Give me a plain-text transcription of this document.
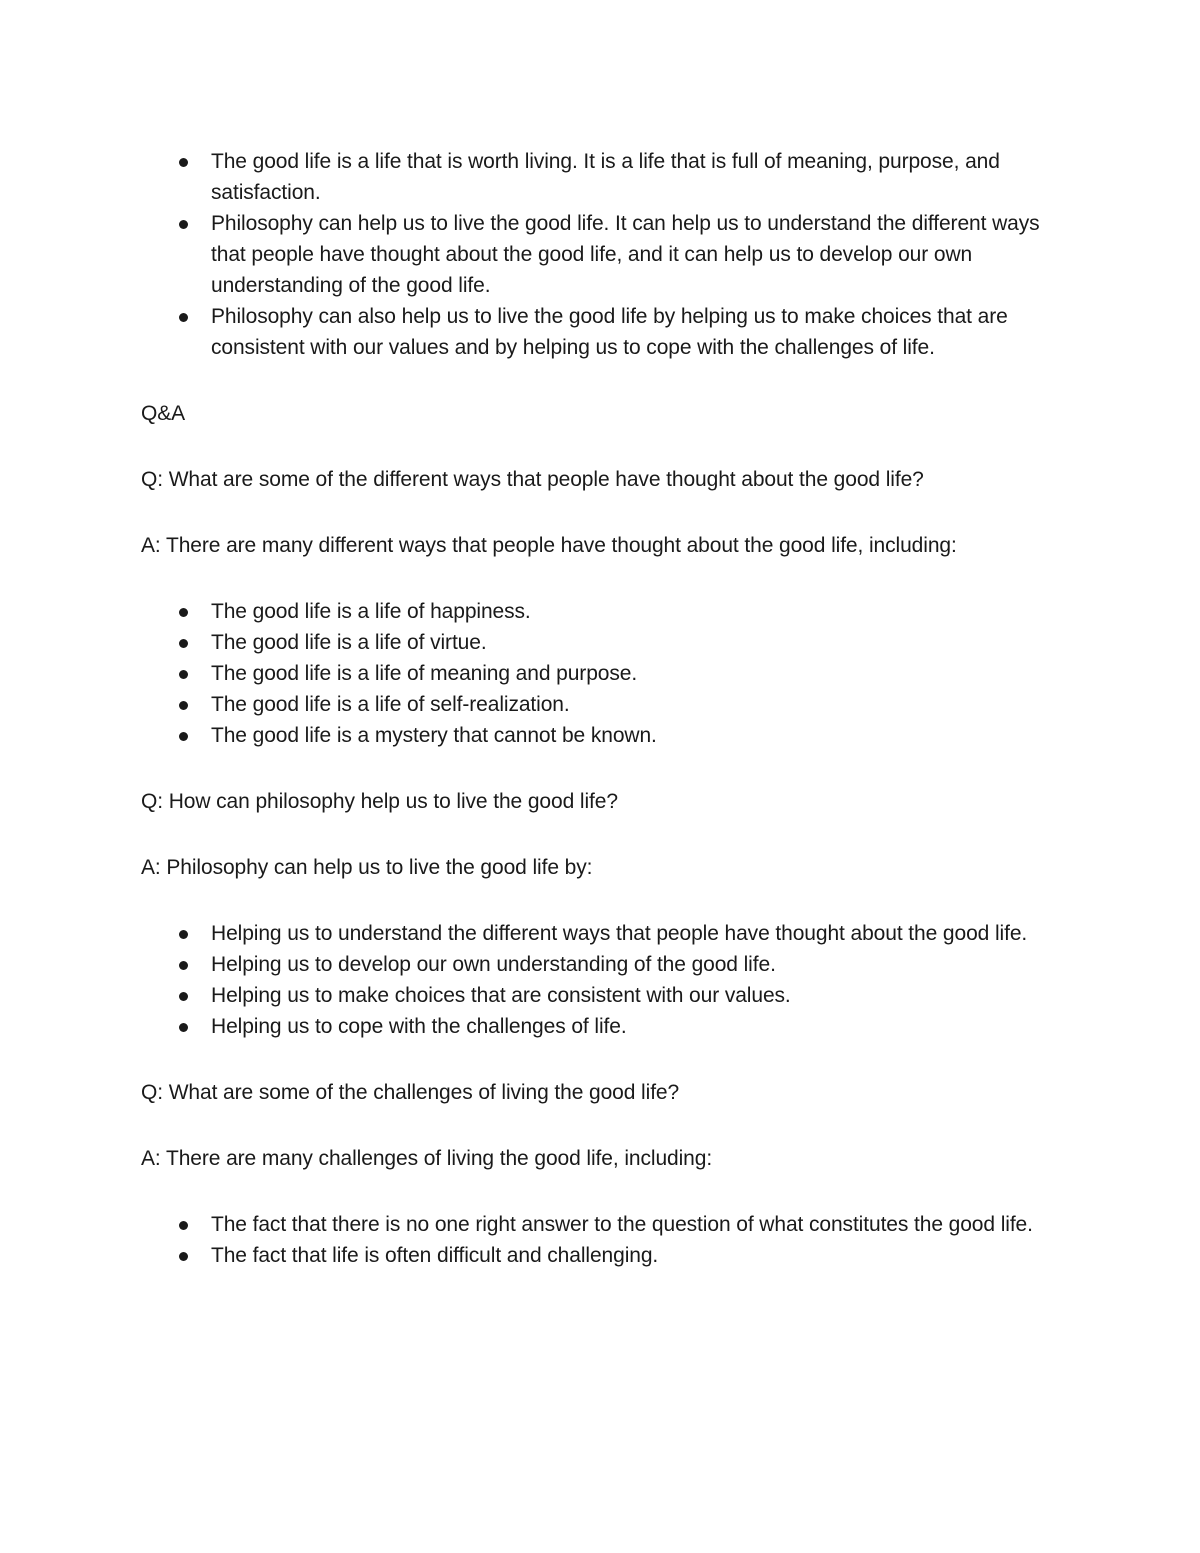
The good life is a life that is worth living. It is a life that is full of meaning, purpose, and satisfaction.
Philosophy can help us to live the good life. It can help us to understand the different ways that people have thought about the good life, and it can help us to develop our own understanding of the good life.
Philosophy can also help us to live the good life by helping us to make choices that are consistent with our values and by helping us to cope with the challenges of life.

Q&A

Q: What are some of the different ways that people have thought about the good life?

A: There are many different ways that people have thought about the good life, including:

The good life is a life of happiness.
The good life is a life of virtue.
The good life is a life of meaning and purpose.
The good life is a life of self-realization.
The good life is a mystery that cannot be known.

Q: How can philosophy help us to live the good life?

A: Philosophy can help us to live the good life by:

Helping us to understand the different ways that people have thought about the good life.
Helping us to develop our own understanding of the good life.
Helping us to make choices that are consistent with our values.
Helping us to cope with the challenges of life.

Q: What are some of the challenges of living the good life?

A: There are many challenges of living the good life, including:

The fact that there is no one right answer to the question of what constitutes the good life.
The fact that life is often difficult and challenging.
